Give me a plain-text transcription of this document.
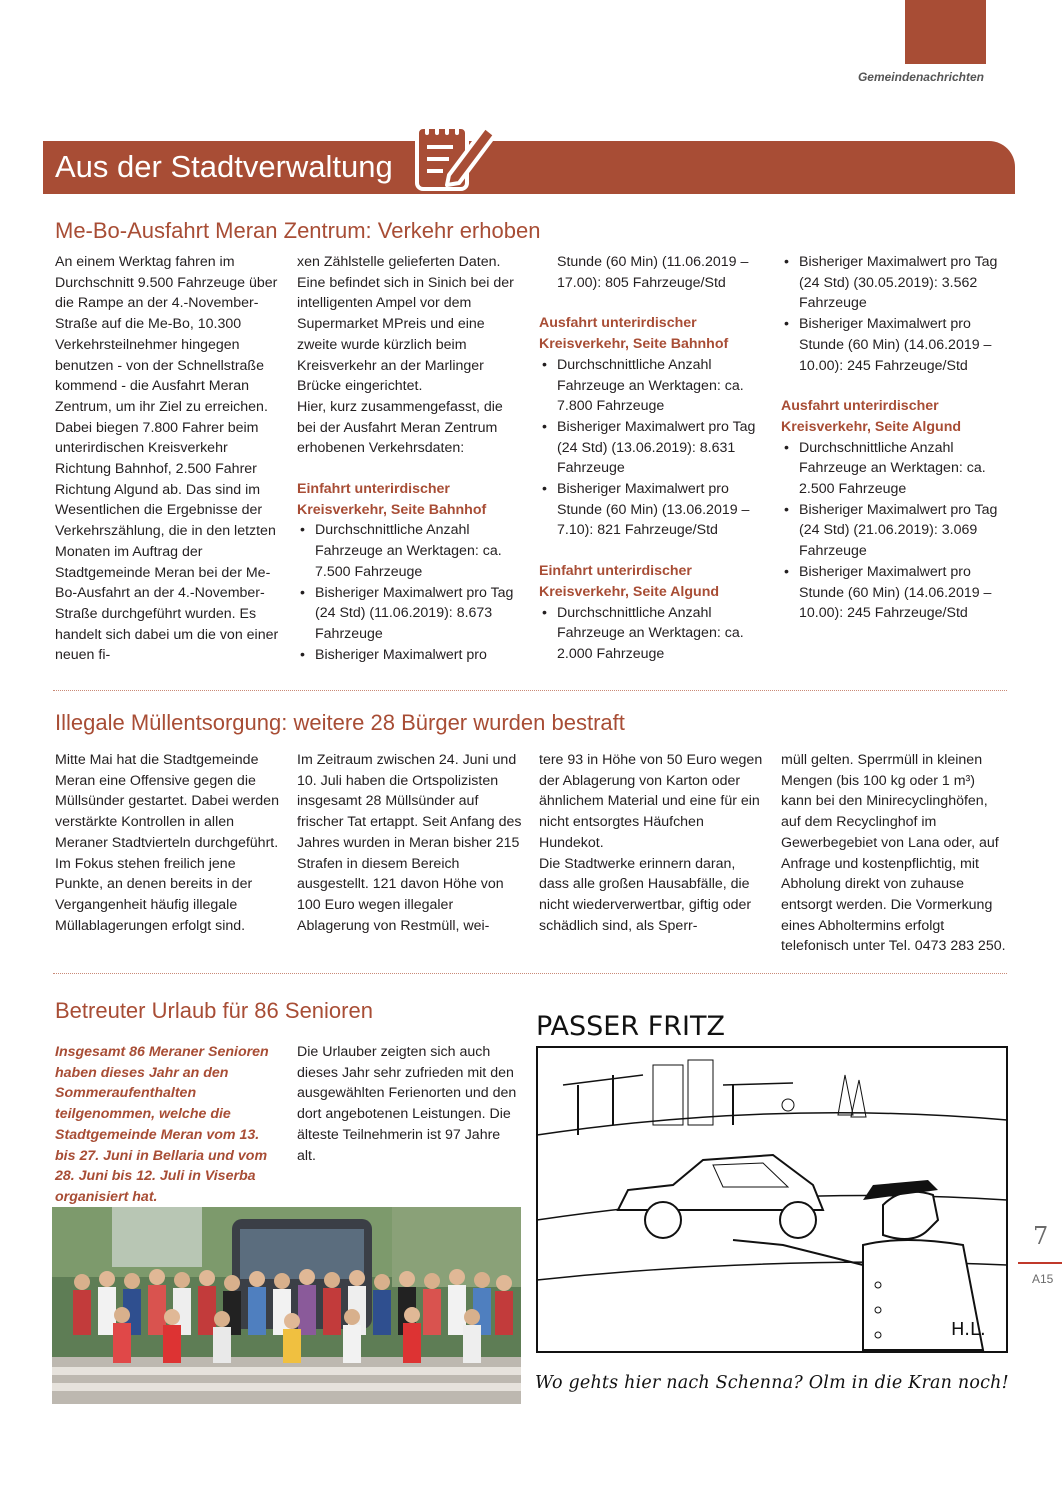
Gemeindenachrichten
Aus der Stadtverwaltung
Me-Bo-Ausfahrt Meran Zentrum: Verkehr erhoben

An einem Werktag fahren im Durchschnitt 9.500 Fahrzeuge über die Rampe an der 4.-November-Straße auf die Me-Bo, 10.300 Verkehrsteilnehmer hingegen benutzen - von der Schnellstraße kommend - die Ausfahrt Meran Zentrum, um ihr Ziel zu erreichen. Dabei biegen 7.800 Fahrer beim unterirdischen Kreisverkehr Richtung Bahnhof, 2.500 Fahrer Richtung Algund ab. Das sind im Wesentlichen die Ergebnisse der Verkehrszählung, die in den letzten Monaten im Auftrag der Stadtgemeinde Meran bei der Me-Bo-Ausfahrt an der 4.-November-Straße durchgeführt wurden. Es handelt sich dabei um die von einer neuen fi-

xen Zählstelle gelieferten Daten. Eine befindet sich in Sinich bei der intelligenten Ampel vor dem Supermarket MPreis und eine zweite wurde kürzlich beim Kreisverkehr an der Marlinger Brücke eingerichtet.

Hier, kurz zusammengefasst, die bei der Ausfahrt Meran Zentrum erhobenen Verkehrsdaten:

Einfahrt unterirdischer Kreisverkehr, Seite Bahnhof

• Durchschnittliche Anzahl Fahrzeuge an Werktagen: ca. 7.500 Fahrzeuge
• Bisheriger Maximalwert pro Tag (24 Std) (11.06.2019): 8.673 Fahrzeuge
• Bisheriger Maximalwert pro

Stunde (60 Min) (11.06.2019 – 17.00): 805 Fahrzeuge/Std

Ausfahrt unterirdischer Kreisverkehr, Seite Bahnhof

• Durchschnittliche Anzahl Fahrzeuge an Werktagen: ca. 7.800 Fahrzeuge
• Bisheriger Maximalwert pro Tag (24 Std) (13.06.2019): 8.631 Fahrzeuge
• Bisheriger Maximalwert pro Stunde (60 Min) (13.06.2019 – 7.10): 821 Fahrzeuge/Std

Einfahrt unterirdischer Kreisverkehr, Seite Algund

• Durchschnittliche Anzahl Fahrzeuge an Werktagen: ca. 2.000 Fahrzeuge
• Bisheriger Maximalwert pro Tag (24 Std) (30.05.2019): 3.562 Fahrzeuge
• Bisheriger Maximalwert pro Stunde (60 Min) (14.06.2019 – 10.00): 245 Fahrzeuge/Std

Ausfahrt unterirdischer Kreisverkehr, Seite Algund

• Durchschnittliche Anzahl Fahrzeuge an Werktagen: ca. 2.500 Fahrzeuge
• Bisheriger Maximalwert pro Tag (24 Std) (21.06.2019): 3.069 Fahrzeuge
• Bisheriger Maximalwert pro Stunde (60 Min) (14.06.2019 – 10.00): 245 Fahrzeuge/Std
Illegale Müllentsorgung: weitere 28 Bürger wurden bestraft

Mitte Mai hat die Stadtgemeinde Meran eine Offensive gegen die Müllsünder gestartet. Dabei werden verstärkte Kontrollen in allen Meraner Stadtvierteln durchgeführt. Im Fokus stehen freilich jene Punkte, an denen bereits in der Vergangenheit häufig illegale Müllablagerungen erfolgt sind.

Im Zeitraum zwischen 24. Juni und 10. Juli haben die Ortspolizisten insgesamt 28 Müllsünder auf frischer Tat ertappt. Seit Anfang des Jahres wurden in Meran bisher 215 Strafen in diesem Bereich ausgestellt. 121 davon Höhe von 100 Euro wegen illegaler Ablagerung von Restmüll, wei-

tere 93 in Höhe von 50 Euro wegen der Ablagerung von Karton oder ähnlichem Material und eine für ein nicht entsorgtes Häufchen Hundekot.

Die Stadtwerke erinnern daran, dass alle großen Hausabfälle, die nicht wiederverwertbar, giftig oder schädlich sind, als Sperr-

müll gelten. Sperrmüll in kleinen Mengen (bis 100 kg oder 1 m³) kann bei den Minirecyclinghöfen, auf dem Recyclinghof im Gewerbegebiet von Lana oder, auf Anfrage und kostenpflichtig, mit Abholung direkt von zuhause entsorgt werden. Die Vormerkung eines Abholtermins erfolgt telefonisch unter Tel. 0473 283 250.

Betreuter Urlaub für 86 Senioren

Insgesamt 86 Meraner Senioren haben dieses Jahr an den Sommeraufenthalten teilgenommen, welche die Stadtgemeinde Meran vom 13. bis 27. Juni in Bellaria und vom 28. Juni bis 12. Juli in Viserba organisiert hat.

Die Urlauber zeigten sich auch dieses Jahr sehr zufrieden mit den ausgewählten Ferienorten und den dort angebotenen Leistungen. Die älteste Teilnehmerin ist 97 Jahre alt.

PASSER FRITZ
H.L.
Wo gehts hier nach Schenna? Olm in die Kran noch!
7
A15
